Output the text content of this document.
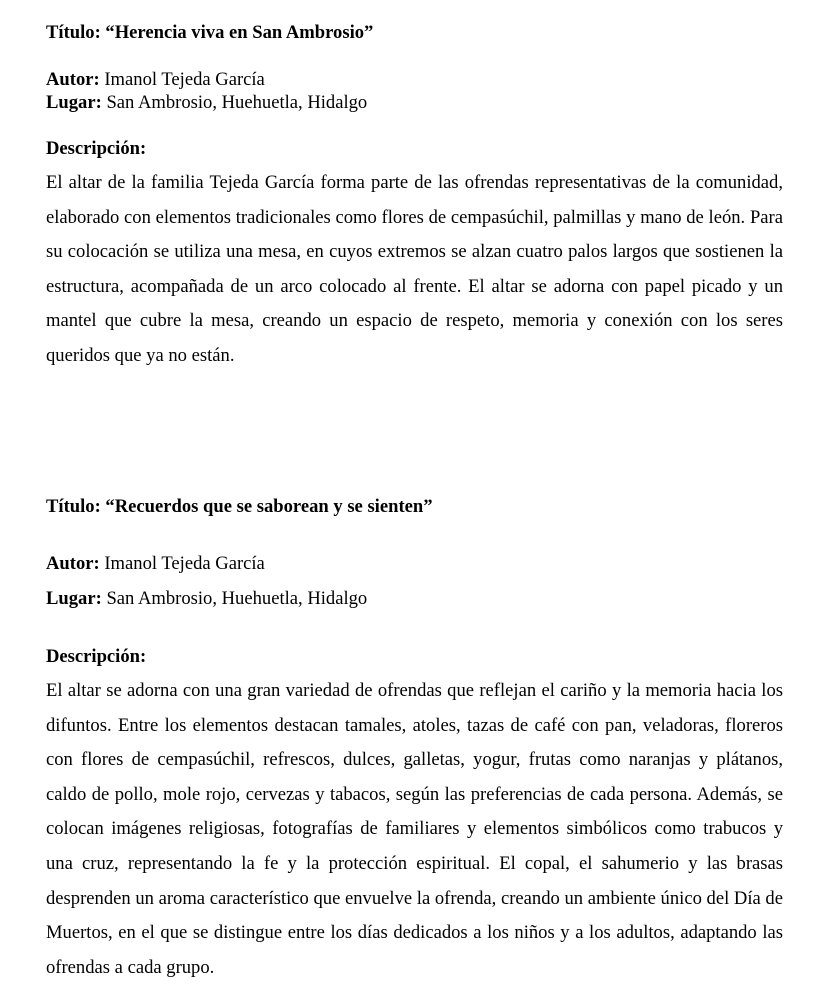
Título: “Herencia viva en San Ambrosio”
Autor: Imanol Tejeda García
Lugar: San Ambrosio, Huehuetla, Hidalgo
Descripción:

El altar de la familia Tejeda García forma parte de las ofrendas representativas de la comunidad, elaborado con elementos tradicionales como flores de cempasúchil, palmillas y mano de león. Para su colocación se utiliza una mesa, en cuyos extremos se alzan cuatro palos largos que sostienen la estructura, acompañada de un arco colocado al frente. El altar se adorna con papel picado y un mantel que cubre la mesa, creando un espacio de respeto, memoria y conexión con los seres queridos que ya no están.

Título: “Recuerdos que se saborean y se sienten”
Autor: Imanol Tejeda García
Lugar: San Ambrosio, Huehuetla, Hidalgo
Descripción:

El altar se adorna con una gran variedad de ofrendas que reflejan el cariño y la memoria hacia los difuntos. Entre los elementos destacan tamales, atoles, tazas de café con pan, veladoras, floreros con flores de cempasúchil, refrescos, dulces, galletas, yogur, frutas como naranjas y plátanos, caldo de pollo, mole rojo, cervezas y tabacos, según las preferencias de cada persona. Además, se colocan imágenes religiosas, fotografías de familiares y elementos simbólicos como trabucos y una cruz, representando la fe y la protección espiritual. El copal, el sahumerio y las brasas desprenden un aroma característico que envuelve la ofrenda, creando un ambiente único del Día de Muertos, en el que se distingue entre los días dedicados a los niños y a los adultos, adaptando las ofrendas a cada grupo.
